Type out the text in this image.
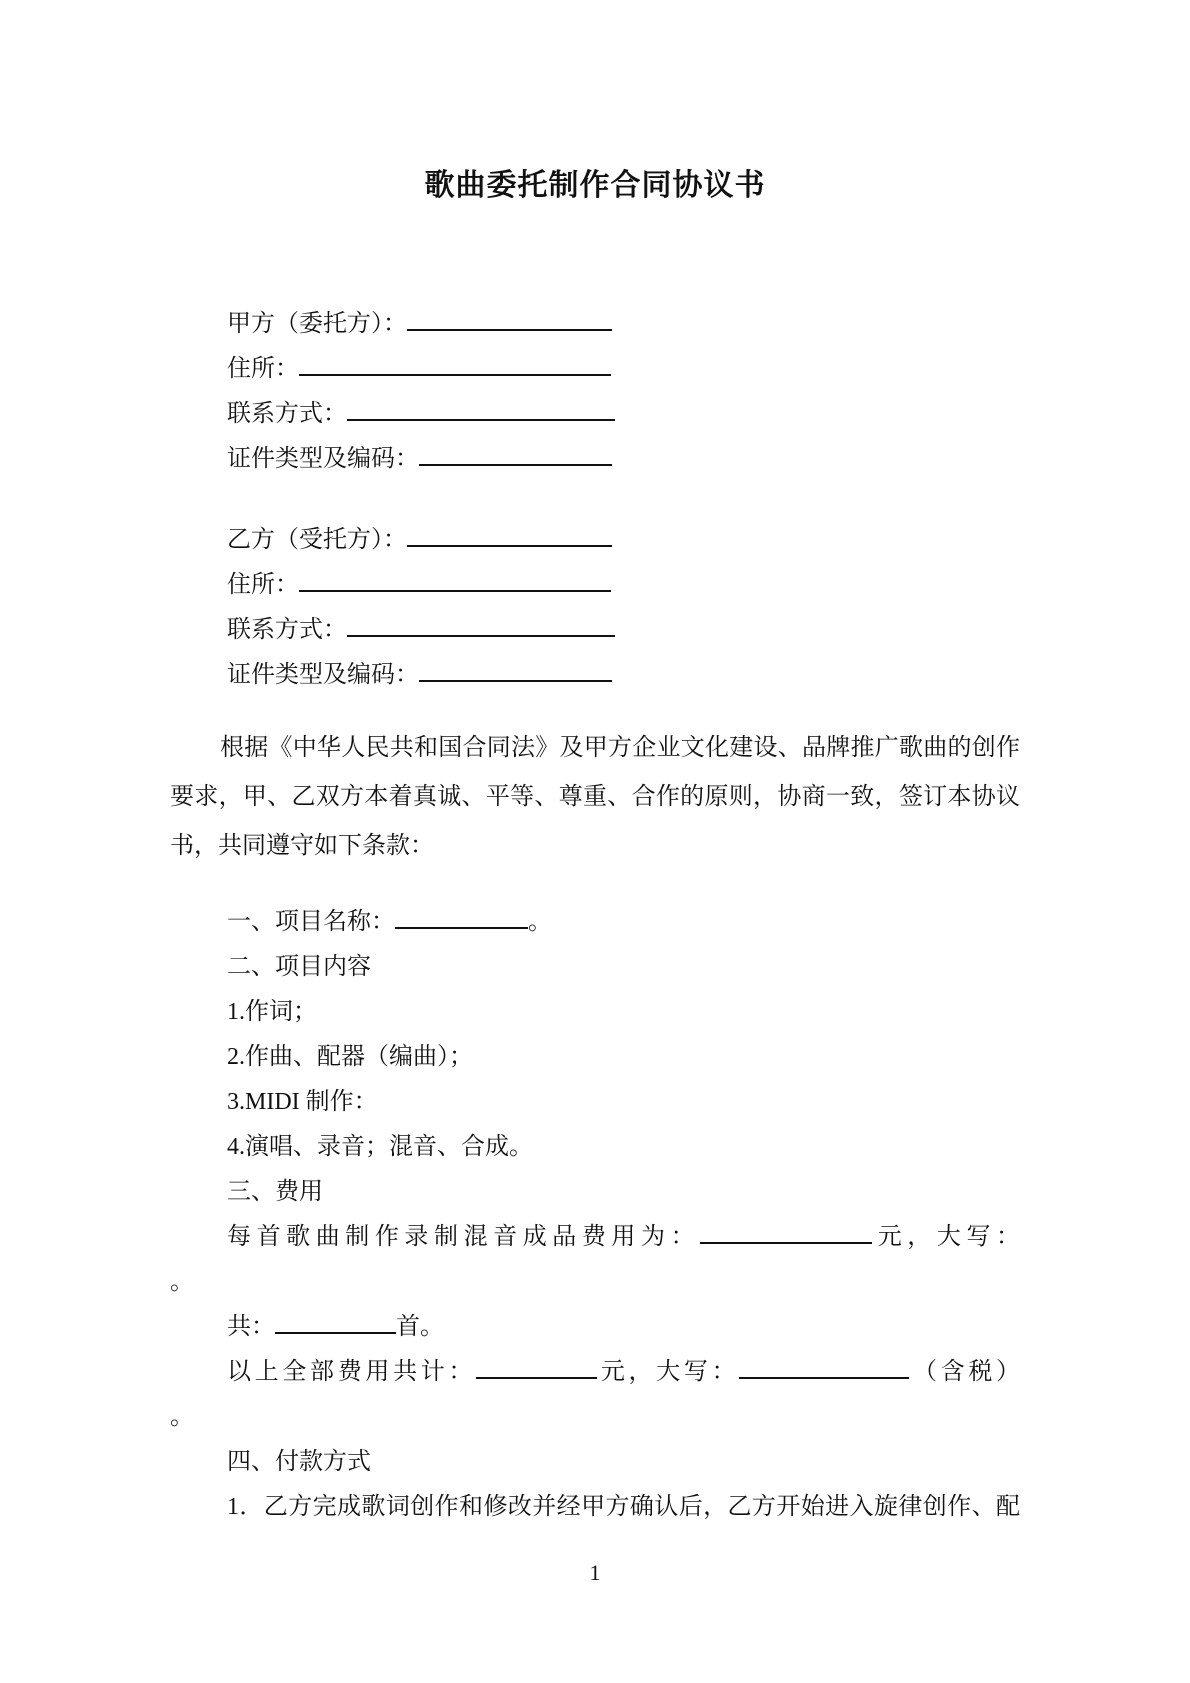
歌曲委托制作合同协议书

甲方（委托方）：

住所：

联系方式：

证件类型及编码：

乙方（受托方）：

住所：

联系方式：

证件类型及编码：

根据《中华人民共和国合同法》及甲方企业文化建设、品牌推广歌曲的创作要求，甲、乙双方本着真诚、平等、尊重、合作的原则，协商一致，签订本协议书，共同遵守如下条款：

一、项目名称：	。

二、项目内容

1.作词；

2.作曲、配器（编曲）；

3.MIDI 制作：

4.演唱、录音；混音、合成。

三、费用

每首歌曲制作录制混音成品费用为：	元，大写：

。

共：	首。

以上全部费用共计：	元，大写：	（含税）

。

四、付款方式

1．乙方完成歌词创作和修改并经甲方确认后，乙方开始进入旋律创作、配

1
